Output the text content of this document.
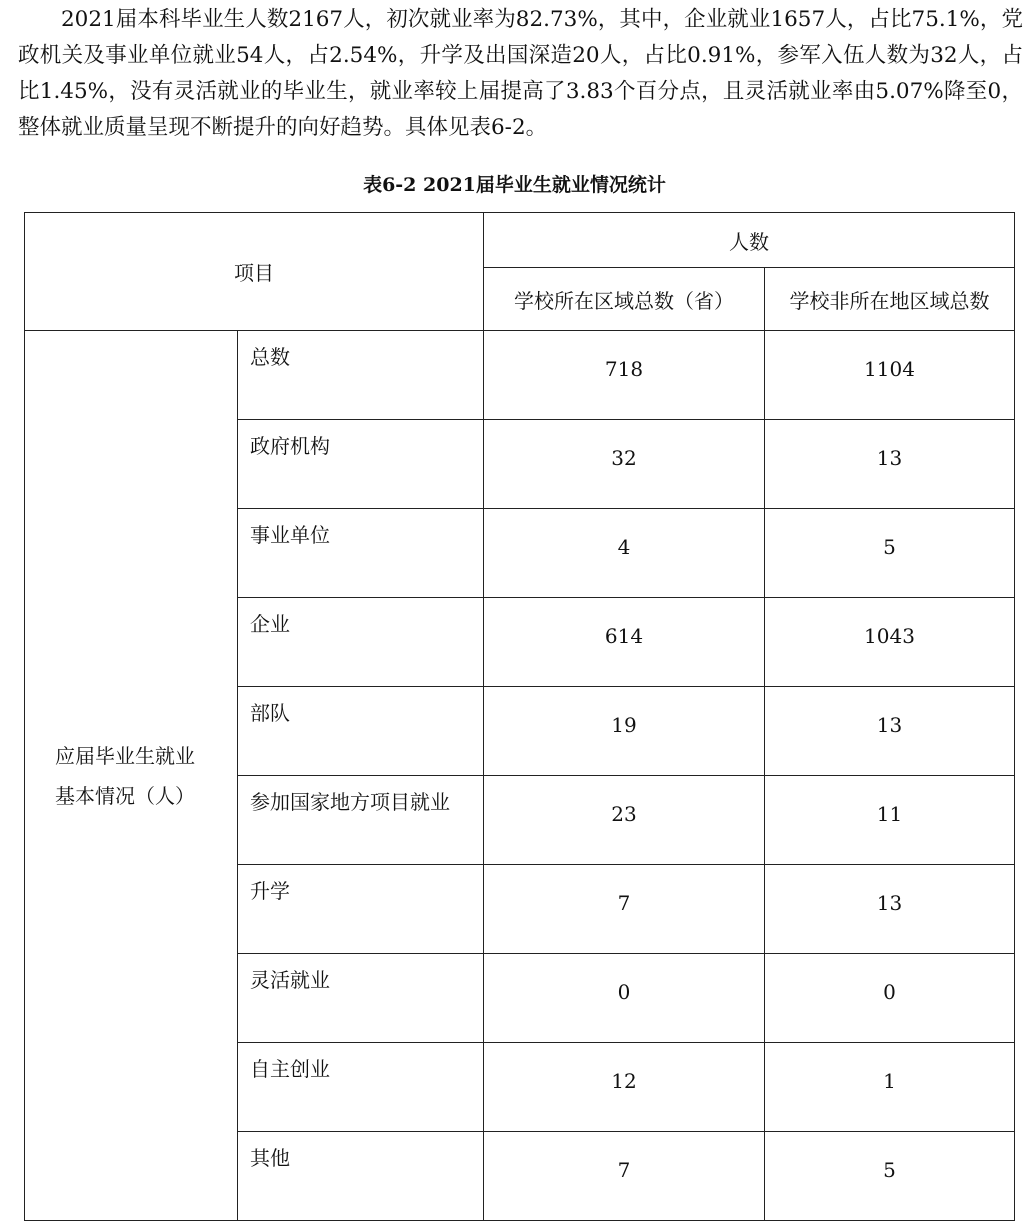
2021届本科毕业生人数2167人，初次就业率为82.73%，其中，企业就业1657人，占比75.1%，党政机关及事业单位就业54人，占2.54%，升学及出国深造20人，占比0.91%，参军入伍人数为32人，占比1.45%，没有灵活就业的毕业生，就业率较上届提高了3.83个百分点，且灵活就业率由5.07%降至0，整体就业质量呈现不断提升的向好趋势。具体见表6-2。

表6-2 2021届毕业生就业情况统计
项目		人数	
		学校所在区域总数（省）	学校非所在地区域总数
应届毕业生就业
基本情况（人）	总数	718	1104
	政府机构	32	13
	事业单位	4	5
	企业	614	1043
	部队	19	13
	参加国家地方项目就业	23	11
	升学	7	13
	灵活就业	0	0
	自主创业	12	1
	其他	7	5
